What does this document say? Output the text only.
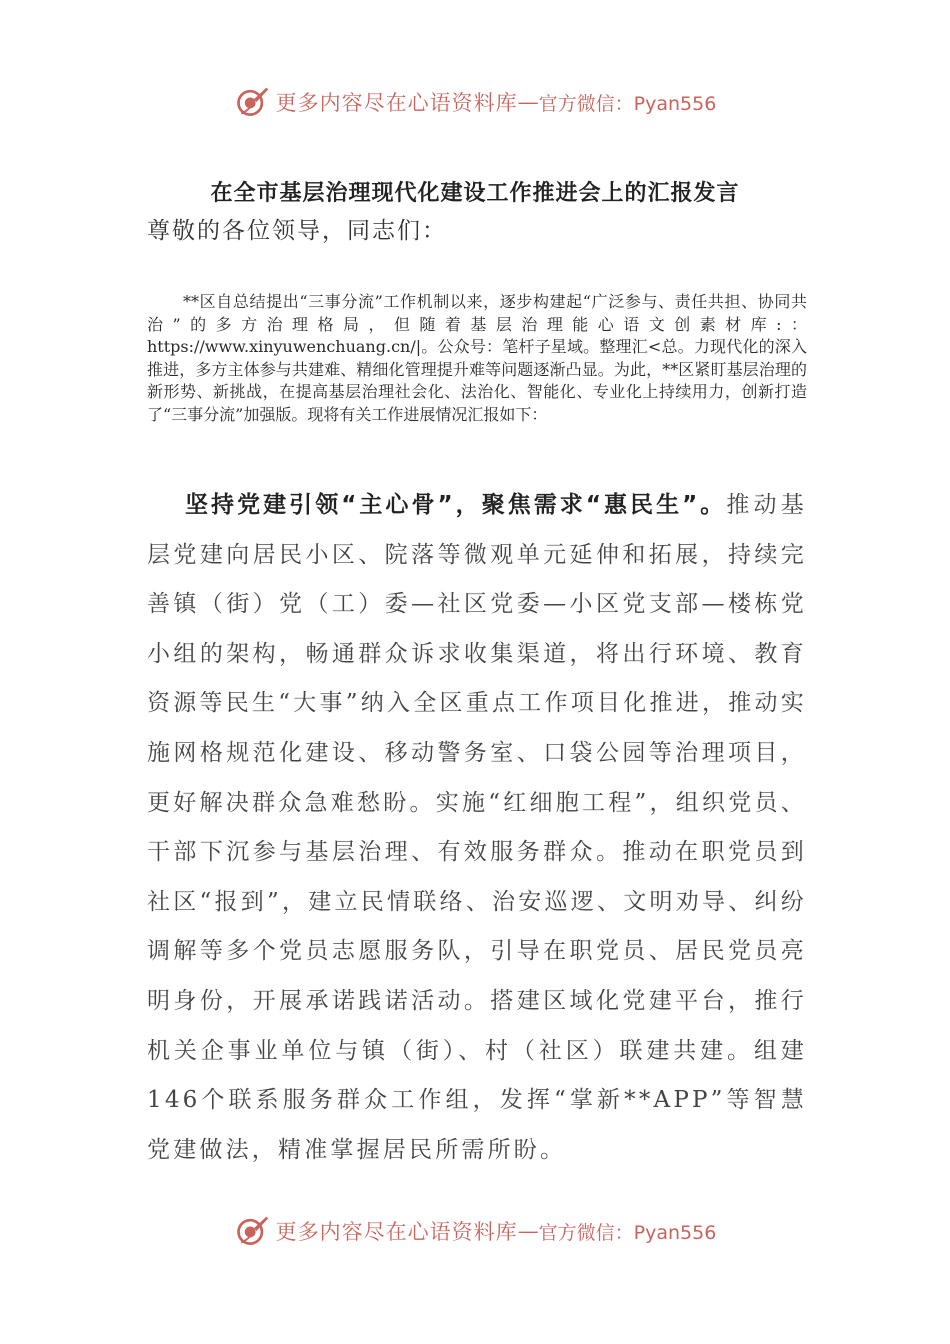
更多内容尽在心语资料库 — 官方微信：Pyan556
在全市基层治理现代化建设工作推进会上的汇报发言
尊敬的各位领导，同志们：

**区自总结提出“三事分流”工作机制以来，逐步构建起“广泛参与、责任共担、协同共治”的多方治理格局，但随着基层治理能心语文创素材库:：https://www.xinyuwenchuang.cn/|。公众号：笔杆子星域。整理汇<总。力现代化的深入推进，多方主体参与共建难、精细化管理提升难等问题逐渐凸显。为此，**区紧盯基层治理的新形势、新挑战，在提高基层治理社会化、法治化、智能化、专业化上持续用力，创新打造了“三事分流”加强版。现将有关工作进展情况汇报如下：

坚持党建引领“主心骨”，聚焦需求“惠民生”。推动基层党建向居民小区、院落等微观单元延伸和拓展，持续完善镇（街）党（工）委—社区党委—小区党支部—楼栋党小组的架构，畅通群众诉求收集渠道，将出行环境、教育资源等民生“大事”纳入全区重点工作项目化推进，推动实施网格规范化建设、移动警务室、口袋公园等治理项目，更好解决群众急难愁盼。实施“红细胞工程”，组织党员、干部下沉参与基层治理、有效服务群众。推动在职党员到社区“报到”，建立民情联络、治安巡逻、文明劝导、纠纷调解等多个党员志愿服务队，引导在职党员、居民党员亮明身份，开展承诺践诺活动。搭建区域化党建平台，推行机关企事业单位与镇（街）、村（社区）联建共建。组建146个联系服务群众工作组，发挥“掌新**APP”等智慧党建做法，精准掌握居民所需所盼。

更多内容尽在心语资料库 — 官方微信：Pyan556
